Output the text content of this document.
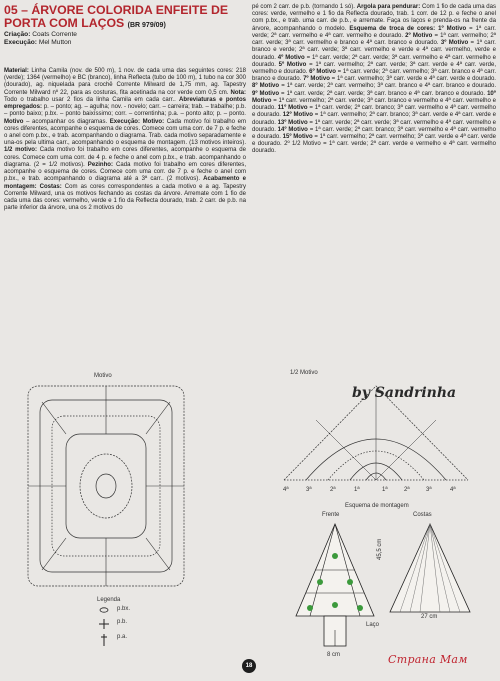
05 – ÁRVORE COLORIDA ENFEITE DE PORTA COM LAÇOS (BR 979/09)
Criação: Coats Corrente
Execução: Mel Mutton
Material: Linha Camila (nov. de 500 m), 1 nov. de cada uma das seguintes cores: 218 (verde); 1364 (vermelho) e BC (branco), linha Reflecta (tubo de 100 m), 1 tubo na cor 300 (dourado), ag. niquelada para crochê Corrente Milward de 1,75 mm, ag. Tapestry Corrente Milward nº 22, para as costuras, fita acetinada na cor verde com 0,5 cm. Nota: Todo o trabalho usar 2 fios da linha Camila em cada carr.. Abreviaturas e pontos empregados: p. – ponto; ag. – agulha; nov. - novelo; carr. – carreira; trab. – trabalhe; p.b. – ponto baixo; p.bx. – ponto baixíssimo; corr. – correntinha; p.a. – ponto alto; p. – ponto. Motivo – acompanhar os diagramas. Execução: Motivo: Cada motivo foi trabalho em cores diferentes, acompanhe o esquema de cores. Comece com uma corr. de 7 p. e feche o anel com p.bx., e trab. acompanhando o diagrama. Trab. cada motivo separadamente e una-os pela ultima carr., acompanhando o esquema de montagem. (13 motivos inteiros). 1/2 motivo: Cada motivo foi trabalho em cores diferentes, acompanhe o esquema de cores. Comece com uma corr. de 4 p. e feche o anel com p.bx., e trab. acompanhando o diagrama. (2 = 1/2 motivos). Pezinho: Cada motivo foi trabalho em cores diferentes, acompanhe o esquema de cores. Comece com uma corr. de 7 p. e feche o anel com p.bx., e trab. acompanhando o diagrama até a 3ª carr.. (2 motivos). Acabamento e montagem: Costas: Com as cores correspondentes a cada motivo e a ag. Tapestry Corrente Milward, una os motivos fechando as costas da árvore. Arremate com 1 fio de cada uma das cores: vermelho, verde e 1 fio da Reflecta dourado, trab. 2 carr. de p.b. na parte inferior da árvore, una os 2 motivos do
pé com 2 carr. de p.b. (tornando 1 só). Argola para pendurar: Com 1 fio de cada uma das cores: verde, vermelho e 1 fio da Reflecta dourado, trab. 1 corr. de 12 p. e feche o anel com p.bx., e trab. uma carr. de p.b., e arremate. Faça os laços e prenda-os na frente da árvore, acompanhando o modelo. Esquema de troca de cores: 1º Motivo = 1ª carr. verde; 2ª carr. vermelho e 4ª carr. vermelho e dourado. 2º Motivo = 1ª carr. vermelho; 2ª carr. verde; 3ª carr. vermelho e branco e 4ª carr. branco e dourado. 3º Motivo = 1ª carr. branco e verde; 2ª carr. verde; 3ª carr. vermelho e verde e 4ª carr. vermelho, verde e dourado. 4º Motivo = 1ª carr. verde; 2ª carr. verde; 3ª carr. vermelho e 4ª carr. vermelho e dourado. 5º Motivo = 1ª carr. vermelho; 2ª carr. verde; 3ª carr. verde e 4ª carr. verde, vermelho e dourado. 6º Motivo = 1ª carr. verde; 2ª carr. vermelho; 3ª carr. branco e 4ª carr. branco e dourado. 7º Motivo = 1ª carr. vermelho; 3ª carr. verde e 4ª carr. verde e dourado. 8º Motivo = 1ª carr. verde; 2ª carr. vermelho; 3ª carr. branco e 4ª carr. branco e dourado. 9º Motivo = 1ª carr. verde; 2ª carr. verde; 3ª carr. branco e 4ª carr. branco e dourado. 10º Motivo = 1ª carr. vermelho; 2ª carr. verde; 3ª carr. branco e vermelho e 4ª carr. vermelho e dourado. 11º Motivo = 1ª carr. verde; 2ª carr. branco; 3ª carr. vermelho e 4ª carr. vermelho e dourado. 12º Motivo = 1ª carr. vermelho; 2ª carr. branco; 3ª carr. verde e 4ª carr. verde e dourado. 13º Motivo = 1ª carr. verde; 2ª carr. verde; 3ª carr. vermelho e 4ª carr. vermelho e dourado. 14º Motivo = 1ª carr. verde; 2ª carr. branco; 3ª carr. vermelho e 4ª carr. vermelho e dourado. 15º Motivo = 1ª carr. vermelho; 2ª carr. vermelho; 3ª carr. verde e 4ª carr. verde e dourado. 2º 1/2 Motivo = 1ª carr. verde; 2ª carr. verde e vermelho e 4ª carr. vermelho dourado.
Motivo
Legenda
p.bx.
p.b.
p.a.
1/2 Motivo
4ª	3ª	2ª	1ª	1ª	2ª	3ª	4ª
by Sandrinha
Esquema de montagem
Frente	Costas
45,5 cm
Laço
8 cm
27 cm
18	Страна Мам
